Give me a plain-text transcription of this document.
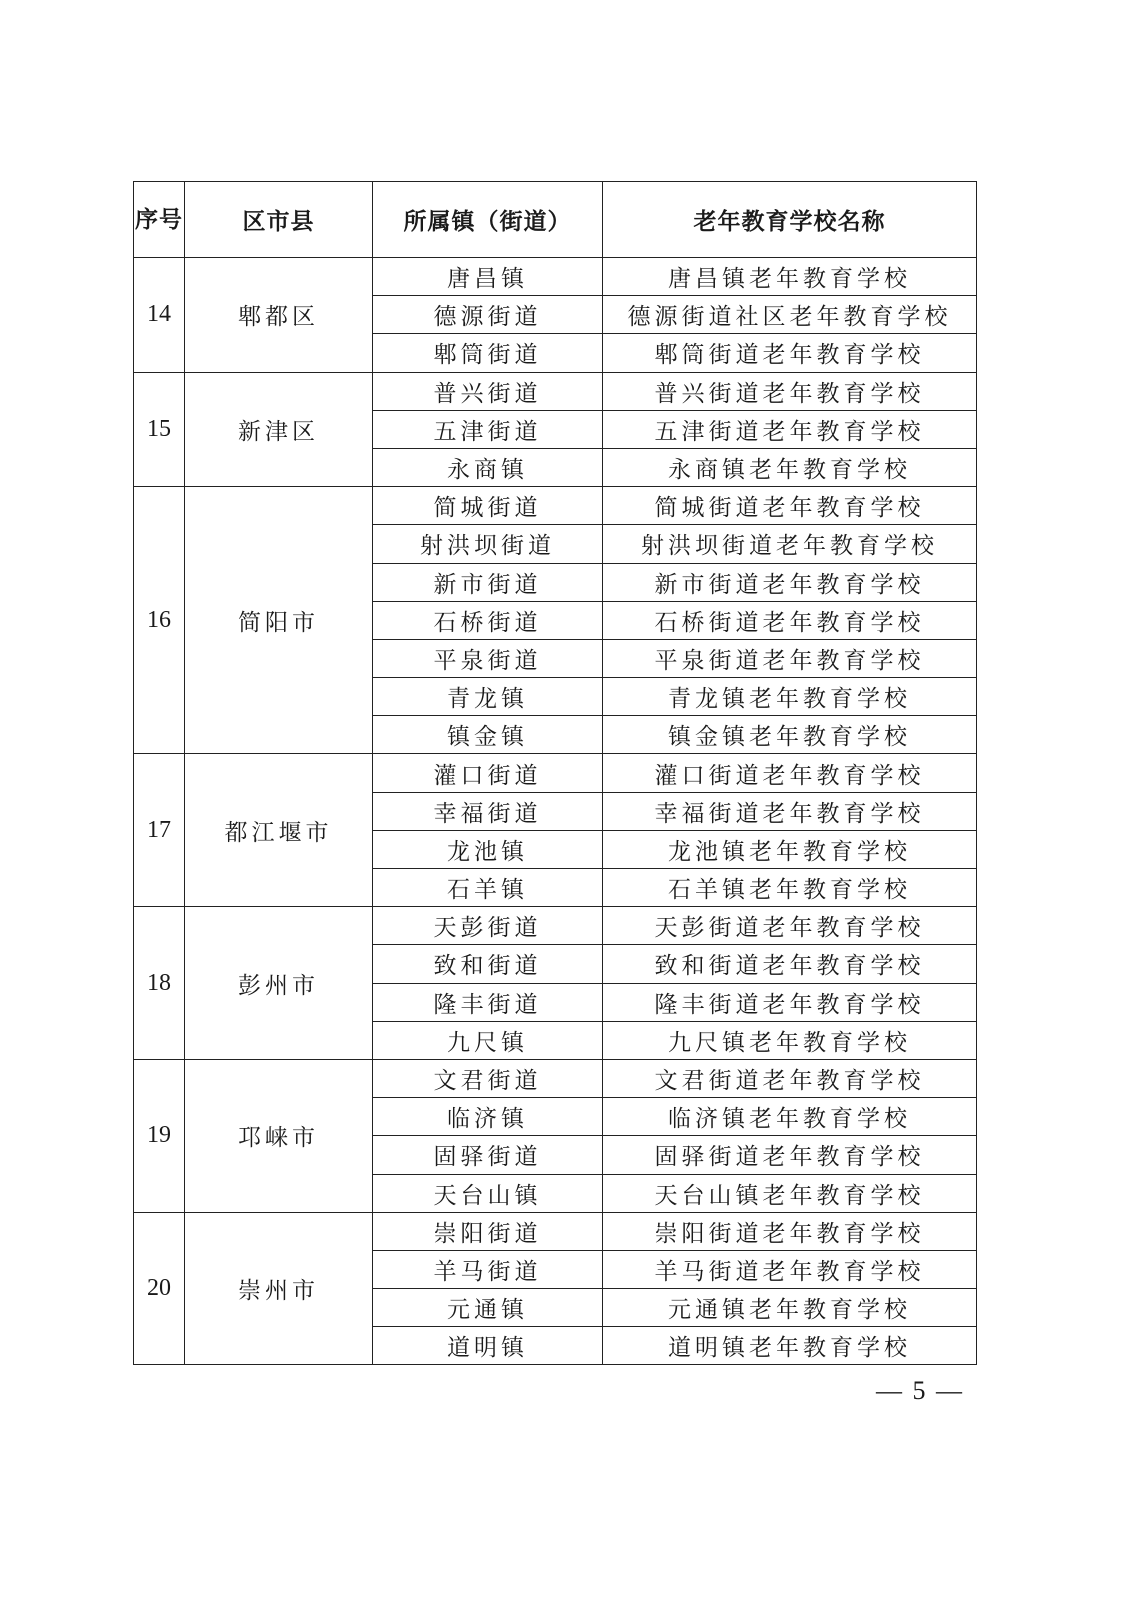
序号	区市县	所属镇（街道）	老年教育学校名称
14	郫都区	唐昌镇	唐昌镇老年教育学校
		德源街道	德源街道社区老年教育学校
		郫筒街道	郫筒街道老年教育学校
15	新津区	普兴街道	普兴街道老年教育学校
		五津街道	五津街道老年教育学校
		永商镇	永商镇老年教育学校
16	简阳市	简城街道	简城街道老年教育学校
		射洪坝街道	射洪坝街道老年教育学校
		新市街道	新市街道老年教育学校
		石桥街道	石桥街道老年教育学校
		平泉街道	平泉街道老年教育学校
		青龙镇	青龙镇老年教育学校
		镇金镇	镇金镇老年教育学校
17	都江堰市	灌口街道	灌口街道老年教育学校
		幸福街道	幸福街道老年教育学校
		龙池镇	龙池镇老年教育学校
		石羊镇	石羊镇老年教育学校
18	彭州市	天彭街道	天彭街道老年教育学校
		致和街道	致和街道老年教育学校
		隆丰街道	隆丰街道老年教育学校
		九尺镇	九尺镇老年教育学校
19	邛崃市	文君街道	文君街道老年教育学校
		临济镇	临济镇老年教育学校
		固驿街道	固驿街道老年教育学校
		天台山镇	天台山镇老年教育学校
20	崇州市	崇阳街道	崇阳街道老年教育学校
		羊马街道	羊马街道老年教育学校
		元通镇	元通镇老年教育学校
		道明镇	道明镇老年教育学校
— 5 —
